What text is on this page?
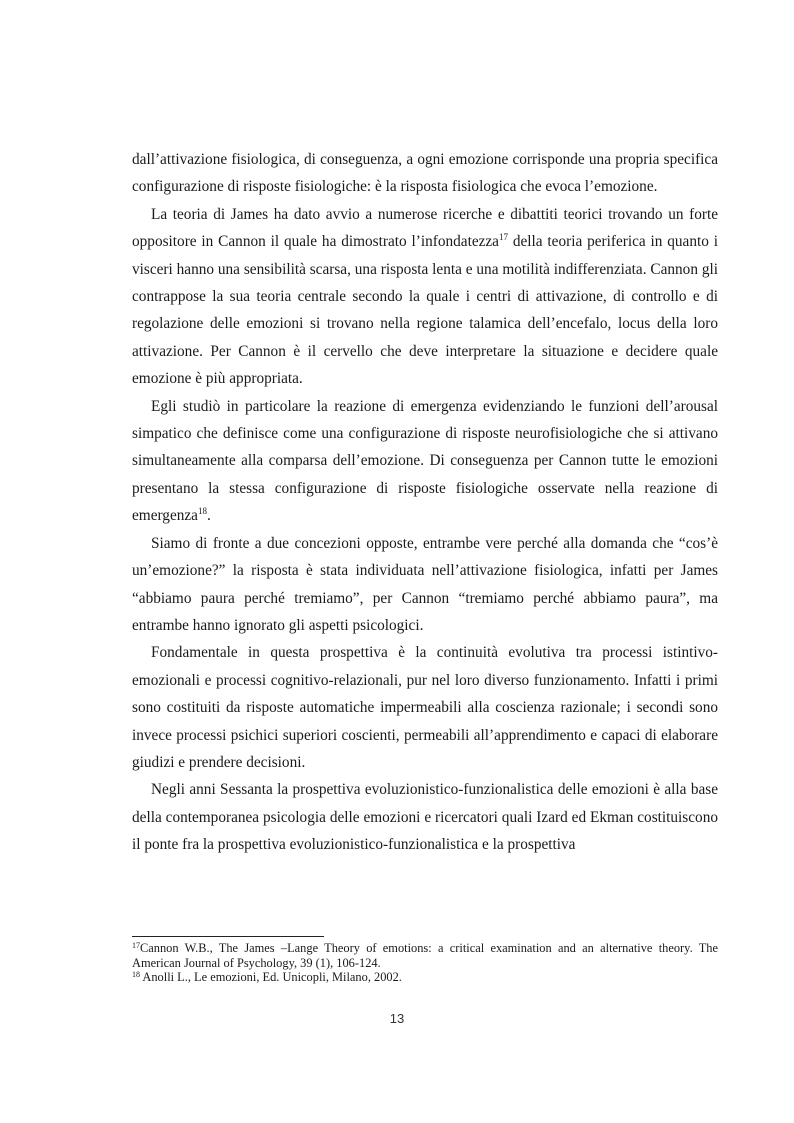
dall’attivazione fisiologica, di conseguenza, a ogni emozione corrisponde una propria specifica configurazione di risposte fisiologiche: è la risposta fisiologica che evoca l’emozione.

La teoria di James ha dato avvio a numerose ricerche e dibattiti teorici trovando un forte oppositore in Cannon il quale ha dimostrato l’infondatezza$^{17}$ della teoria periferica in quanto i visceri hanno una sensibilità scarsa, una risposta lenta e una motilità indifferenziata. Cannon gli contrappose la sua teoria centrale secondo la quale i centri di attivazione, di controllo e di regolazione delle emozioni si trovano nella regione talamica dell’encefalo, locus della loro attivazione. Per Cannon è il cervello che deve interpretare la situazione e decidere quale emozione è più appropriata.

Egli studiò in particolare la reazione di emergenza evidenziando le funzioni dell’arousal simpatico che definisce come una configurazione di risposte neurofisiologiche che si attivano simultaneamente alla comparsa dell’emozione. Di conseguenza per Cannon tutte le emozioni presentano la stessa configurazione di risposte fisiologiche osservate nella reazione di emergenza$^{18}$.

Siamo di fronte a due concezioni opposte, entrambe vere perché alla domanda che “cos’è un’emozione?” la risposta è stata individuata nell’attivazione fisiologica, infatti per James “abbiamo paura perché tremiamo”, per Cannon “tremiamo perché abbiamo paura”, ma entrambe hanno ignorato gli aspetti psicologici.

Fondamentale in questa prospettiva è la continuità evolutiva tra processi istintivo-emozionali e processi cognitivo-relazionali, pur nel loro diverso funzionamento. Infatti i primi sono costituiti da risposte automatiche impermeabili alla coscienza razionale; i secondi sono invece processi psichici superiori coscienti, permeabili all’apprendimento e capaci di elaborare giudizi e prendere decisioni.

Negli anni Sessanta la prospettiva evoluzionistico-funzionalistica delle emozioni è alla base della contemporanea psicologia delle emozioni e ricercatori quali Izard ed Ekman costituiscono il ponte fra la prospettiva evoluzionistico-funzionalistica e la prospettiva

$^{17}$Cannon W.B., The James –Lange Theory of emotions: a critical examination and an alternative theory. The American Journal of Psychology, 39 (1), 106-124.

$^{18}$ Anolli L., Le emozioni, Ed. Unicopli, Milano, 2002.

13
